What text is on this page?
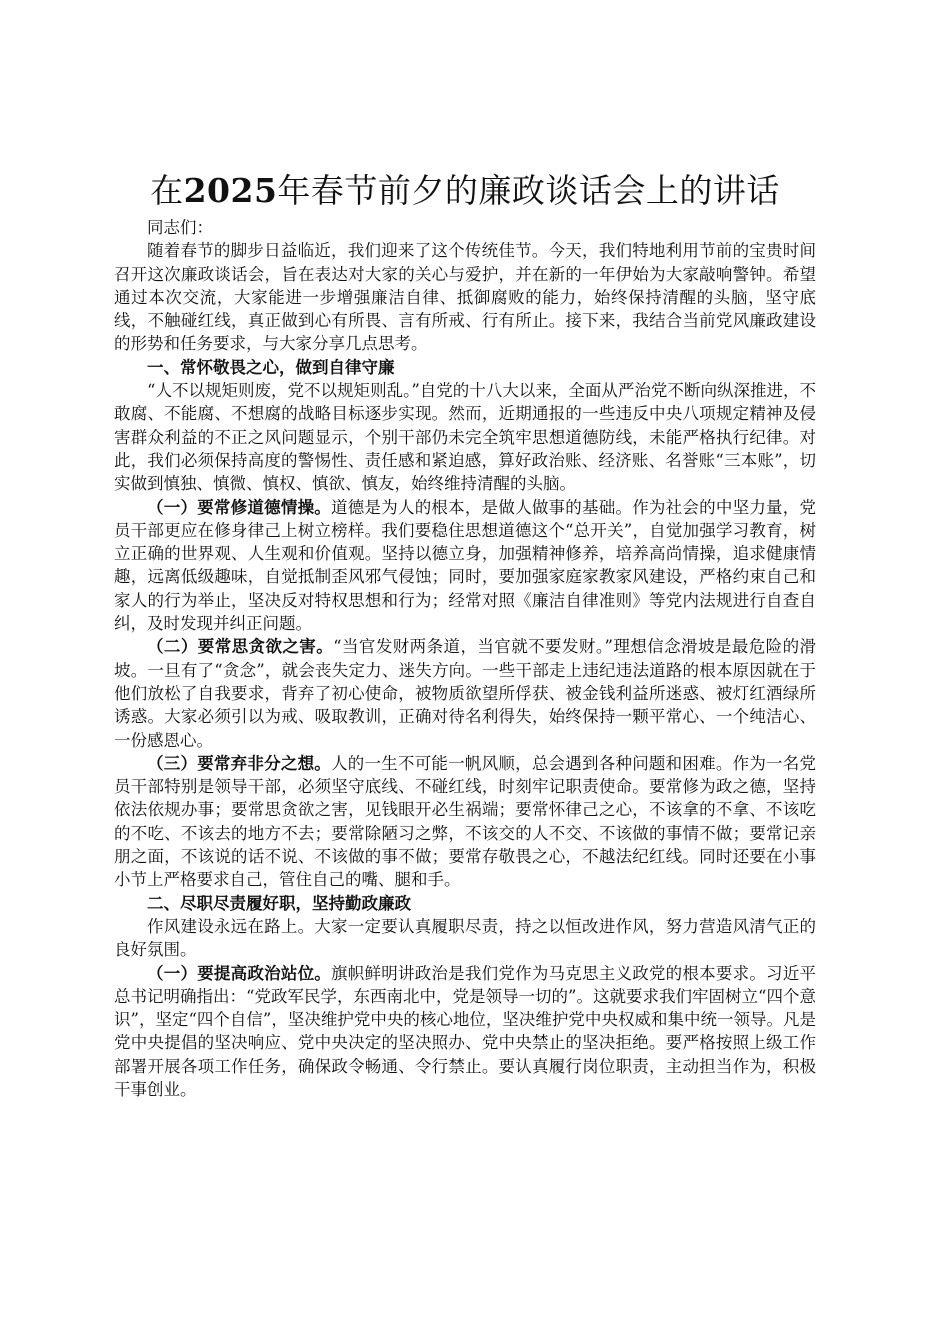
在2025年春节前夕的廉政谈话会上的讲话

同志们：

随着春节的脚步日益临近，我们迎来了这个传统佳节。今天，我们特地利用节前的宝贵时间召开这次廉政谈话会，旨在表达对大家的关心与爱护，并在新的一年伊始为大家敲响警钟。希望通过本次交流，大家能进一步增强廉洁自律、抵御腐败的能力，始终保持清醒的头脑，坚守底线，不触碰红线，真正做到心有所畏、言有所戒、行有所止。接下来，我结合当前党风廉政建设的形势和任务要求，与大家分享几点思考。

一、常怀敬畏之心，做到自律守廉

“人不以规矩则废，党不以规矩则乱。”自党的十八大以来，全面从严治党不断向纵深推进，不敢腐、不能腐、不想腐的战略目标逐步实现。然而，近期通报的一些违反中央八项规定精神及侵害群众利益的不正之风问题显示，个别干部仍未完全筑牢思想道德防线，未能严格执行纪律。对此，我们必须保持高度的警惕性、责任感和紧迫感，算好政治账、经济账、名誉账“三本账”，切实做到慎独、慎微、慎权、慎欲、慎友，始终维持清醒的头脑。

（一）要常修道德情操。道德是为人的根本，是做人做事的基础。作为社会的中坚力量，党员干部更应在修身律己上树立榜样。我们要稳住思想道德这个“总开关”，自觉加强学习教育，树立正确的世界观、人生观和价值观。坚持以德立身，加强精神修养，培养高尚情操，追求健康情趣，远离低级趣味，自觉抵制歪风邪气侵蚀；同时，要加强家庭家教家风建设，严格约束自己和家人的行为举止，坚决反对特权思想和行为；经常对照《廉洁自律准则》等党内法规进行自查自纠，及时发现并纠正问题。

（二）要常思贪欲之害。“当官发财两条道，当官就不要发财。”理想信念滑坡是最危险的滑坡。一旦有了“贪念”，就会丧失定力、迷失方向。一些干部走上违纪违法道路的根本原因就在于他们放松了自我要求，背弃了初心使命，被物质欲望所俘获、被金钱利益所迷惑、被灯红酒绿所诱惑。大家必须引以为戒、吸取教训，正确对待名利得失，始终保持一颗平常心、一个纯洁心、一份感恩心。

（三）要常弃非分之想。人的一生不可能一帆风顺，总会遇到各种问题和困难。作为一名党员干部特别是领导干部，必须坚守底线、不碰红线，时刻牢记职责使命。要常修为政之德，坚持依法依规办事；要常思贪欲之害，见钱眼开必生祸端；要常怀律己之心，不该拿的不拿、不该吃的不吃、不该去的地方不去；要常除陋习之弊，不该交的人不交、不该做的事情不做；要常记亲朋之面，不该说的话不说、不该做的事不做；要常存敬畏之心，不越法纪红线。同时还要在小事小节上严格要求自己，管住自己的嘴、腿和手。

二、尽职尽责履好职，坚持勤政廉政

作风建设永远在路上。大家一定要认真履职尽责，持之以恒改进作风，努力营造风清气正的良好氛围。

（一）要提高政治站位。旗帜鲜明讲政治是我们党作为马克思主义政党的根本要求。习近平总书记明确指出：“党政军民学，东西南北中，党是领导一切的”。这就要求我们牢固树立“四个意识”，坚定“四个自信”，坚决维护党中央的核心地位，坚决维护党中央权威和集中统一领导。凡是党中央提倡的坚决响应、党中央决定的坚决照办、党中央禁止的坚决拒绝。要严格按照上级工作部署开展各项工作任务，确保政令畅通、令行禁止。要认真履行岗位职责，主动担当作为，积极干事创业。
